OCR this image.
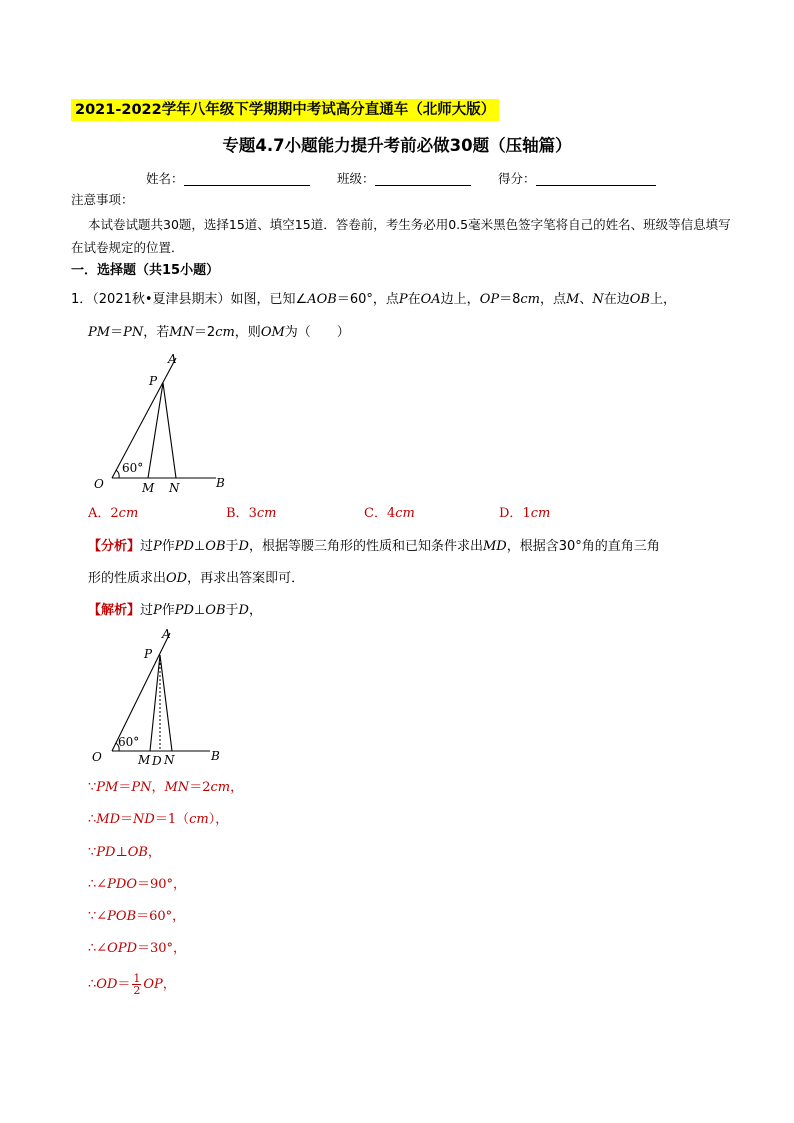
2021-2022学年八年级下学期期中考试高分直通车（北师大版）
专题4.7小题能力提升考前必做30题（压轴篇）
姓名：	班级：	得分：
注意事项：
本试卷试题共30题，选择15道、填空15道．答卷前，考生务必用0.5毫米黑色签字笔将自己的姓名、班级等信息填写在试卷规定的位置．
一．选择题（共15小题）
1．（2021秋•夏津县期末）如图，已知∠AOB＝60°，点P在OA边上，OP＝8cm，点M、N在边OB上，
PM＝PN，若MN＝2cm，则OM为（　　）
A
P
O
60°
M N	B
A．2cm	B．3cm	C．4cm	D．1cm
【分析】过P作PD⊥OB于D，根据等腰三角形的性质和已知条件求出MD，根据含30°角的直角三角
形的性质求出OD，再求出答案即可．
【解析】过P作PD⊥OB于D，
A
P
O
60°
M D N	B
∵PM＝PN，MN＝2cm，
∴MD＝ND＝1（cm），
∵PD⊥OB，
∴∠PDO＝90°，
∵∠POB＝60°，
∴∠OPD＝30°，
∴OD＝ $\frac{1}{2}$ OP，
